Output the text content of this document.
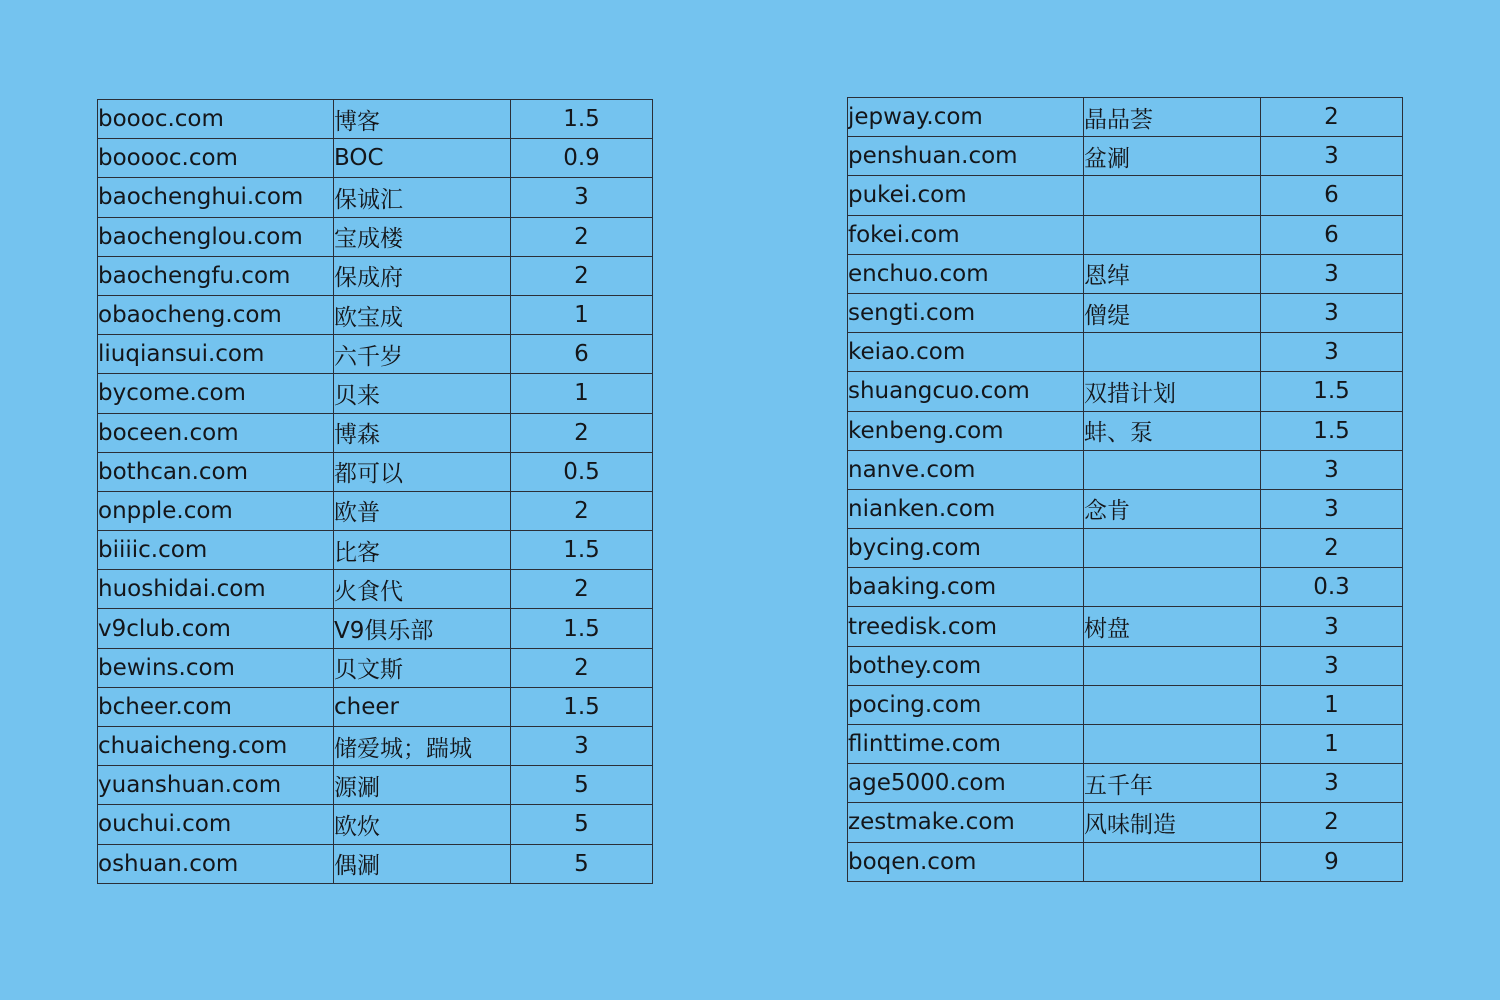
boooc.com	博客	1.5
booooc.com	BOC	0.9
baochenghui.com	保诚汇	3
baochenglou.com	宝成楼	2
baochengfu.com	保成府	2
obaocheng.com	欧宝成	1
liuqiansui.com	六千岁	6
bycome.com	贝来	1
boceen.com	博森	2
bothcan.com	都可以	0.5
onpple.com	欧普	2
biiiic.com	比客	1.5
huoshidai.com	火食代	2
v9club.com	V9俱乐部	1.5
bewins.com	贝文斯	2
bcheer.com	cheer	1.5
chuaicheng.com	储爱城；踹城	3
yuanshuan.com	源涮	5
ouchui.com	欧炊	5
oshuan.com	偶涮	5
jepway.com	晶品荟	2
penshuan.com	盆涮	3
pukei.com		6
fokei.com		6
enchuo.com	恩绰	3
sengti.com	僧缇	3
keiao.com		3
shuangcuo.com	双措计划	1.5
kenbeng.com	蚌、泵	1.5
nanve.com		3
nianken.com	念肯	3
bycing.com		2
baaking.com		0.3
treedisk.com	树盘	3
bothey.com		3
pocing.com		1
flinttime.com		1
age5000.com	五千年	3
zestmake.com	风味制造	2
boqen.com		9
